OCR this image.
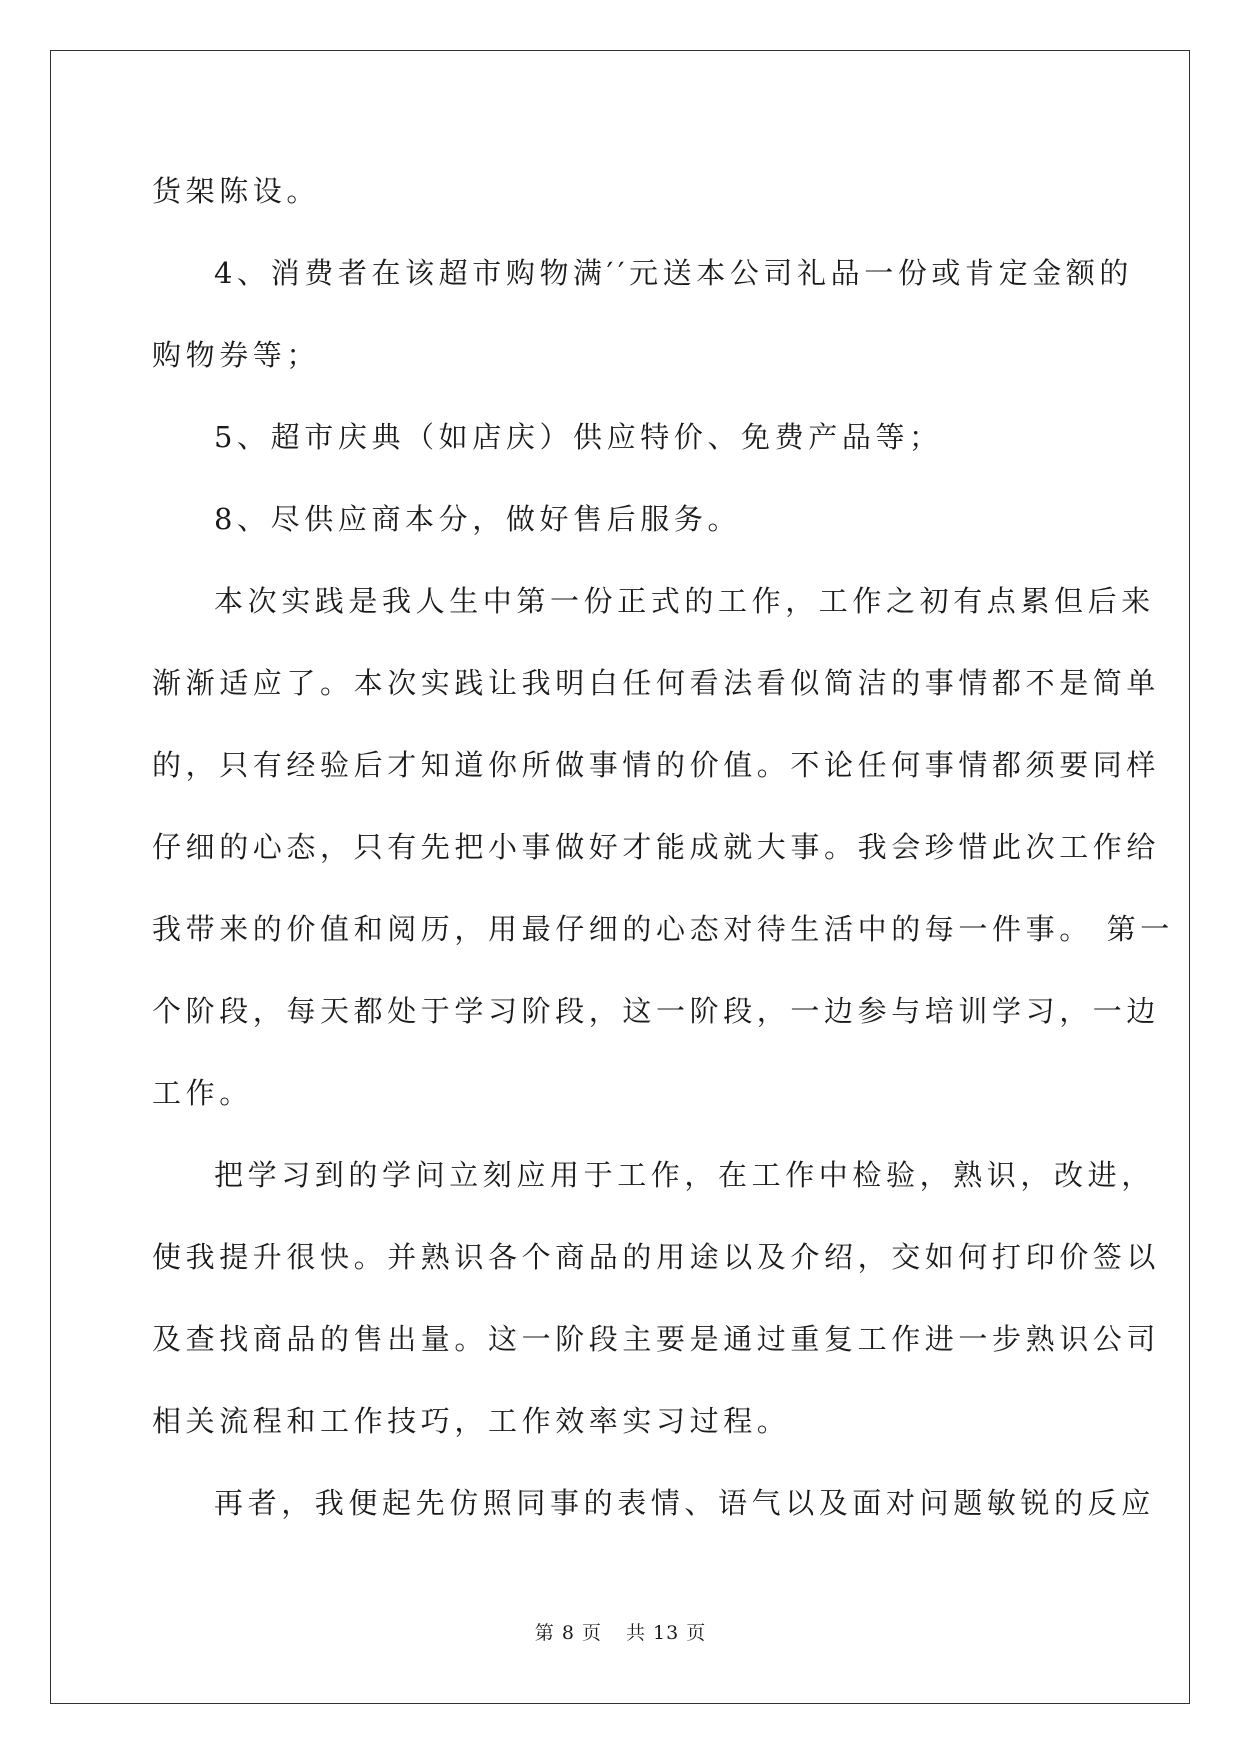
货架陈设。
4、消费者在该超市购物满′′元送本公司礼品一份或肯定金额的
购物券等；
5、超市庆典（如店庆）供应特价、免费产品等；
8、尽供应商本分，做好售后服务。
本次实践是我人生中第一份正式的工作，工作之初有点累但后来
渐渐适应了。本次实践让我明白任何看法看似简洁的事情都不是简单
的，只有经验后才知道你所做事情的价值。不论任何事情都须要同样
仔细的心态，只有先把小事做好才能成就大事。我会珍惜此次工作给
我带来的价值和阅历，用最仔细的心态对待生活中的每一件事。 第一
个阶段，每天都处于学习阶段，这一阶段，一边参与培训学习，一边
工作。
把学习到的学问立刻应用于工作，在工作中检验，熟识，改进，
使我提升很快。并熟识各个商品的用途以及介绍，交如何打印价签以
及查找商品的售出量。这一阶段主要是通过重复工作进一步熟识公司
相关流程和工作技巧，工作效率实习过程。
再者，我便起先仿照同事的表情、语气以及面对问题敏锐的反应
第 8 页 共 13 页
